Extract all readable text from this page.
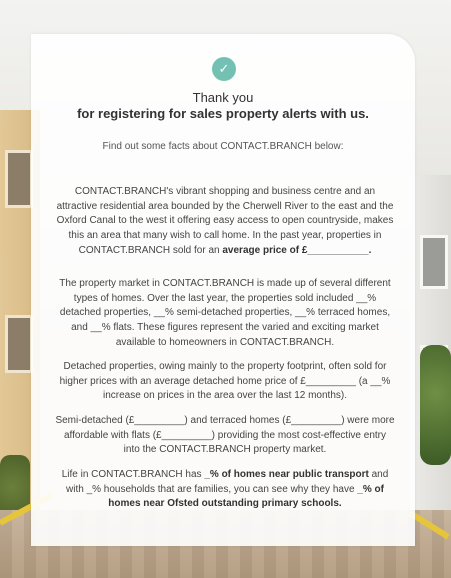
✓
Thank you
for registering for sales property alerts with us.
Find out some facts about CONTACT.BRANCH below:
CONTACT.BRANCH's vibrant shopping and business centre and an attractive residential area bounded by the Cherwell River to the east and the Oxford Canal to the west it offering easy access to open countryside, makes this an area that many wish to call home. In the past year, properties in CONTACT.BRANCH sold for an average price of £___________.
The property market in CONTACT.BRANCH is made up of several different types of homes. Over the last year, the properties sold included __% detached properties, __% semi-detached properties, __% terraced homes, and __% flats. These figures represent the varied and exciting market available to homeowners in CONTACT.BRANCH.
Detached properties, owing mainly to the property footprint, often sold for higher prices with an average detached home price of £_________ (a __% increase on prices in the area over the last 12 months).
Semi-detached (£_________) and terraced homes (£_________) were more affordable with flats (£_________) providing the most cost-effective entry into the CONTACT.BRANCH property market.
Life in CONTACT.BRANCH has _% of homes near public transport and with _% households that are families, you can see why they have _% of homes near Ofsted outstanding primary schools.
